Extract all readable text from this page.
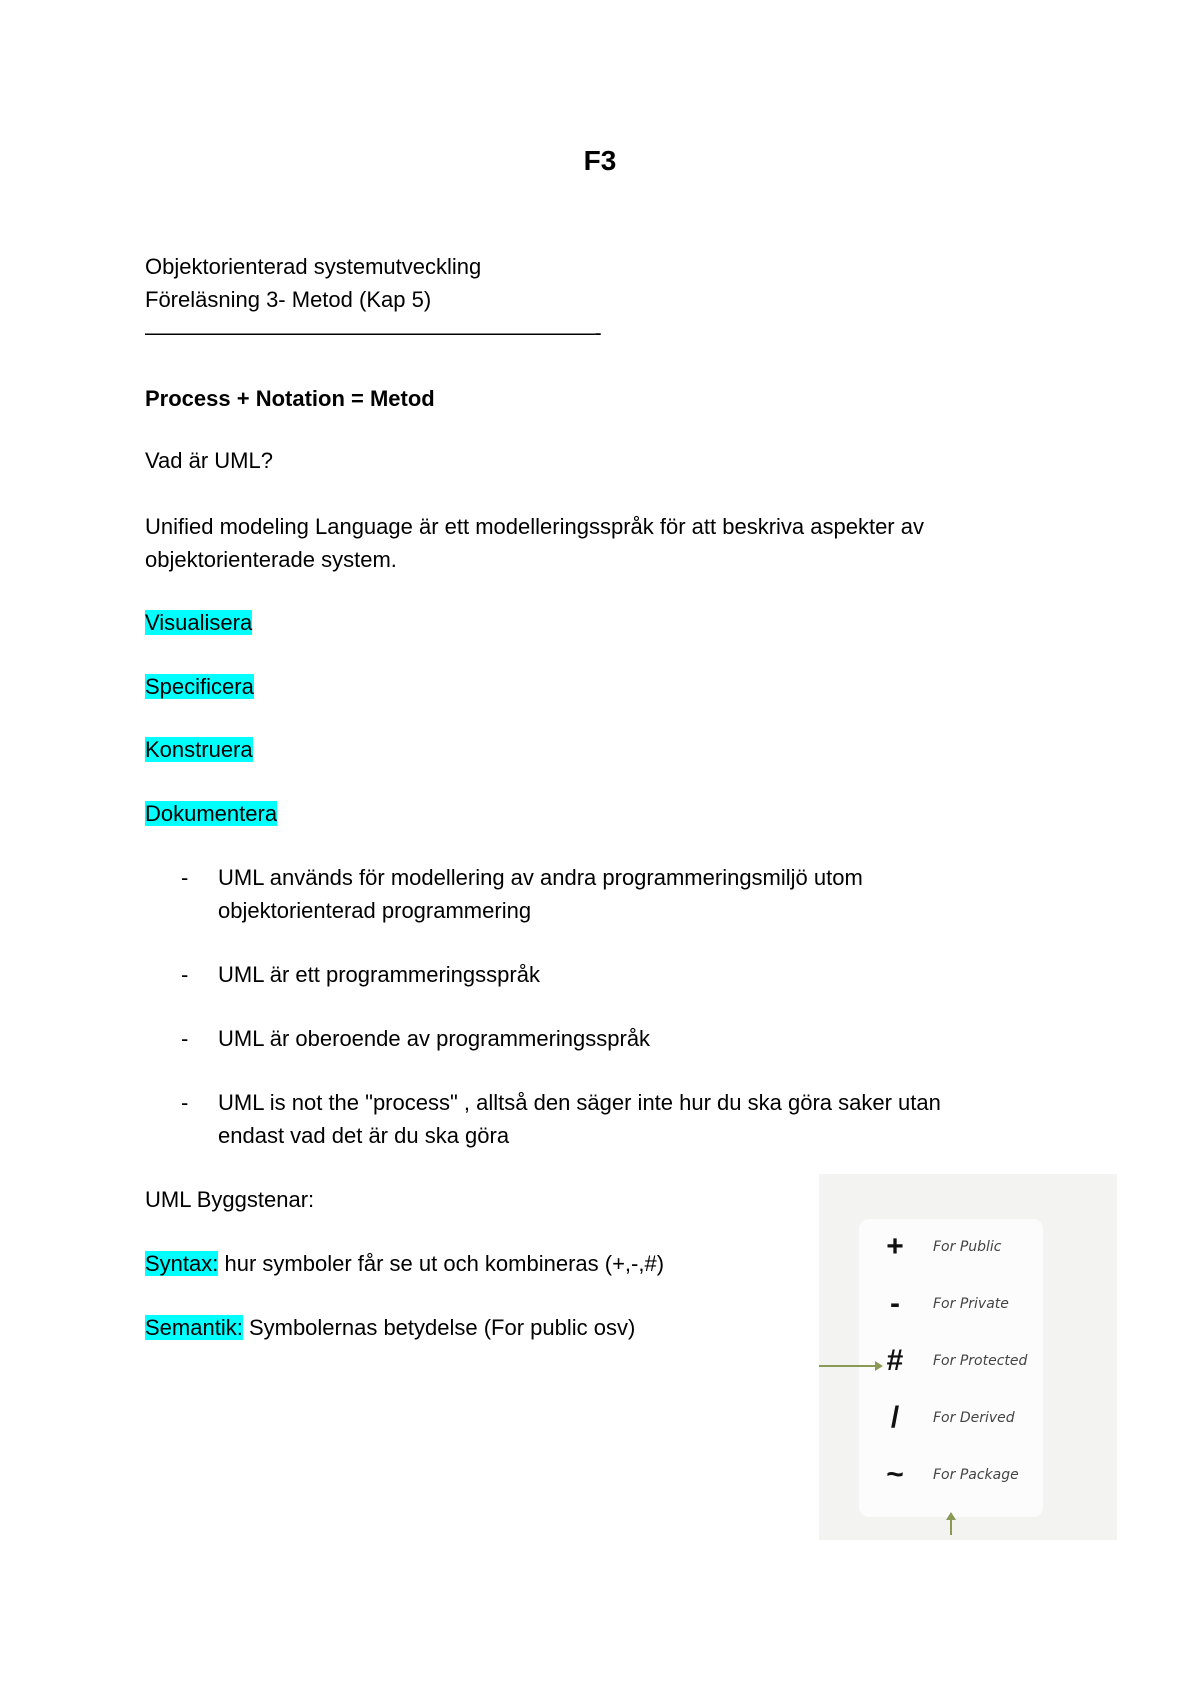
F3
Objektorienterad systemutveckling
Föreläsning 3- Metod (Kap 5)
––––––––––––––––––––––––––––––––––––––––-
Process + Notation = Metod
Vad är UML?
Unified modeling Language är ett modelleringsspråk för att beskriva aspekter av
objektorienterade system.
Visualisera
Specificera
Konstruera
Dokumentera
- UML används för modellering av andra programmeringsmiljö utom
objektorienterad programmering
- UML är ett programmeringsspråk
- UML är oberoende av programmeringsspråk
- UML is not the "process" , alltså den säger inte hur du ska göra saker utan
endast vad det är du ska göra
UML Byggstenar:
Syntax: hur symboler får se ut och kombineras (+,-,#)
Semantik: Symbolernas betydelse (For public osv)
+	For Public
-	For Private
#	For Protected
/	For Derived
~	For Package
